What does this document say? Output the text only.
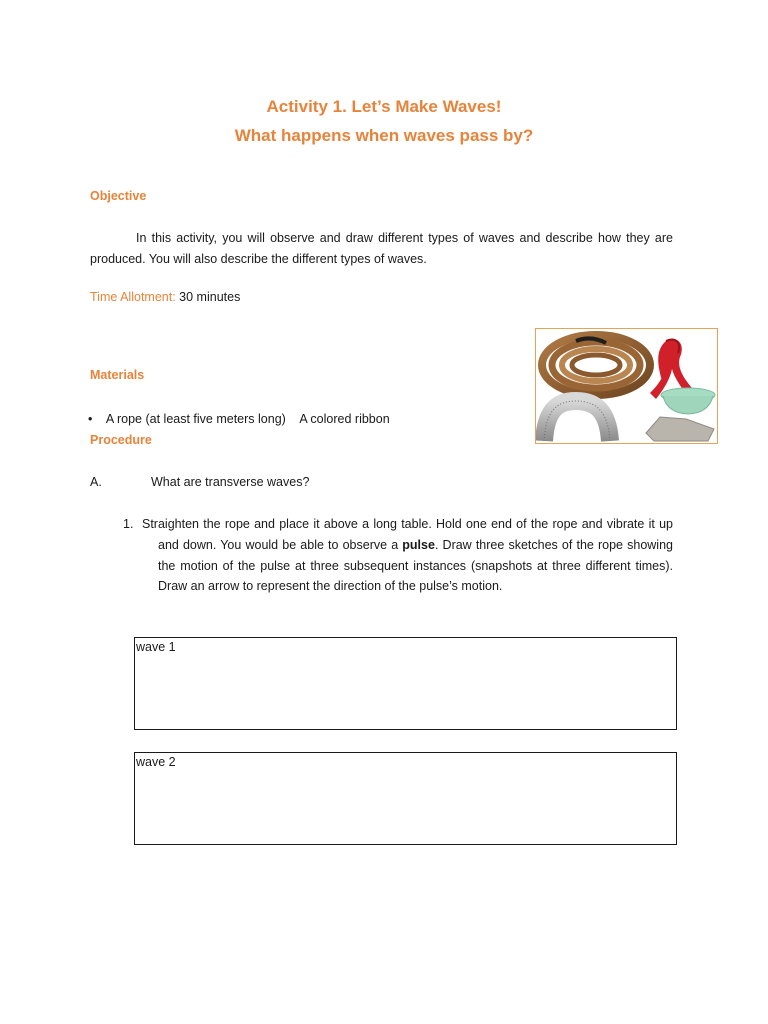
Activity 1. Let’s Make Waves!
What happens when waves pass by?
Objective
In this activity, you will observe and draw different types of waves and describe how they are produced. You will also describe the different types of waves.
Time Allotment: 30 minutes
Materials
• A rope (at least five meters long) A colored ribbon
Procedure
A.	What are transverse waves?
1. Straighten the rope and place it above a long table. Hold one end of the rope and vibrate it up and down. You would be able to observe a pulse. Draw three sketches of the rope showing the motion of the pulse at three subsequent instances (snapshots at three different times). Draw an arrow to represent the direction of the pulse’s motion.
wave 1
wave 2
